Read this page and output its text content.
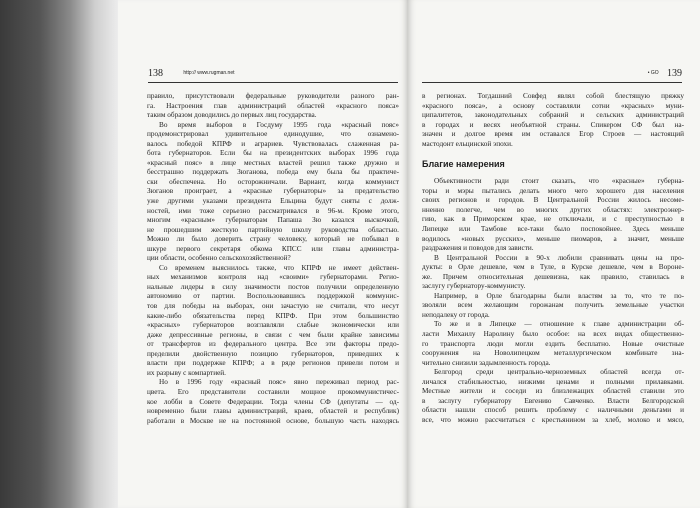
138	$^{http:// www.rugman.net}$
правило, присутствовали федеральные руководители разного ран-
га. Настроения глав администраций областей «красного пояса»
таким образом доводились до первых лиц государства.
Во время выборов в Госдуму 1995 года «красный пояс»
продемонстрировал удивительное единодушие, что ознамено-
валось победой КПРФ и аграриев. Чувствовалась слаженная ра-
бота губернаторов. Если бы на президентских выборах 1996 года
«красный пояс» в лице местных властей решил также дружно и
бесстрашно поддержать Зюганова, победа ему была бы практиче-
ски обеспечена. Но осторожничали. Вариант, когда коммунист
Зюганов проиграет, а «красные губернаторы» за предательство
уже другими указами президента Ельцина будут сняты с долж-
ностей, ими тоже серьезно рассматривался в 96-м. Кроме этого,
многим «красным» губернаторам Папаша Зю казался выскочкой,
не прошедшим жесткую партийную школу руководства областью.
Можно ли было доверить страну человеку, который не побывал в
шкуре первого секретаря обкома КПСС или главы администра-
ции области, особенно сельскохозяйственной?
Со временем выяснилось также, что КПРФ не имеет действен-
ных механизмов контроля над «своими» губернаторами. Регио-
нальные лидеры в силу значимости постов получили определенную
автономию от партии. Воспользовавшись поддержкой коммунис-
тов для победы на выборах, они зачастую не считали, что несут
какие-либо обязательства перед КПРФ. При этом большинство
«красных» губернаторов возглавляли слабые экономически или
даже депрессивные регионы, в связи с чем были крайне зависимы
от трансфертов из федерального центра. Все эти факторы предо-
пределили двойственную позицию губернаторов, приведших к
власти при поддержке КПРФ; а в ряде регионов привели потом и
их разрыву с компартией.
Но в 1996 году «красный пояс» явно переживал период рас-
цвета. Его представители составили мощное прокоммунистичес-
кое лобби в Совете Федерации. Тогда члены СФ (депутаты — од-
новременно были главы администраций, краев, областей и республик)
работали в Москве не на постоянной основе, большую часть находясь
$^{• GO}$ 139
в регионах. Тогдашний Совфед являл собой блестящую пряжку
«красного пояса», а основу составляли сотни «красных» муни-
ципалитетов, законодательных собраний и сельских администраций
в городах и весях необъятной страны. Спикером СФ был на-
значен и долгое время им оставался Егор Строев — настоящий
мастодонт ельцинской эпохи.
Благие намерения
Объективности ради стоит сказать, что «красные» губерна-
торы и мэры пытались делать много чего хорошего для населения
своих регионов и городов. В Центральной России жилось несоме-
нненно полегче, чем во многих других областях: электроэнер-
гию, как в Приморском крае, не отключали, и с преступностью в
Липецке или Тамбове все-таки было поспокойнее. Здесь меньше
водилось «новых русских», меньше пиомаров, а значит, меньше
раздражения и поводов для зависти.
В Центральной России в 90-х любили сравнивать цены на про-
дукты: в Орле дешевле, чем в Туле, в Курске дешевле, чем в Вороне-
же. Причем относительная дешевизна, как правило, ставилась в
заслугу губернатору-коммунисту.
Например, в Орле благодарны были властям за то, что те по-
зволяли всем желающим горожанам получить земельные участки
неподалеку от города.
То же и в Липецке — отношение к главе администрации об-
ласти Михаилу Наролину было особое: на всех видах общественно-
го транспорта люди могли ездить бесплатно. Новые очистные
сооружения на Новолипецком металлургическом комбинате зна-
чительно снизили задымленность города.
Белгород среди центрально-черноземных областей всегда от-
личался стабильностью, низкими ценами и полными прилавками.
Местные жители и соседи из близлежащих областей ставили это
в заслугу губернатору Евгению Савченко. Власти Белгородской
области нашли способ решить проблему с наличными деньгами и
все, что можно рассчитаться с крестьянином за хлеб, молоко и мясо,
